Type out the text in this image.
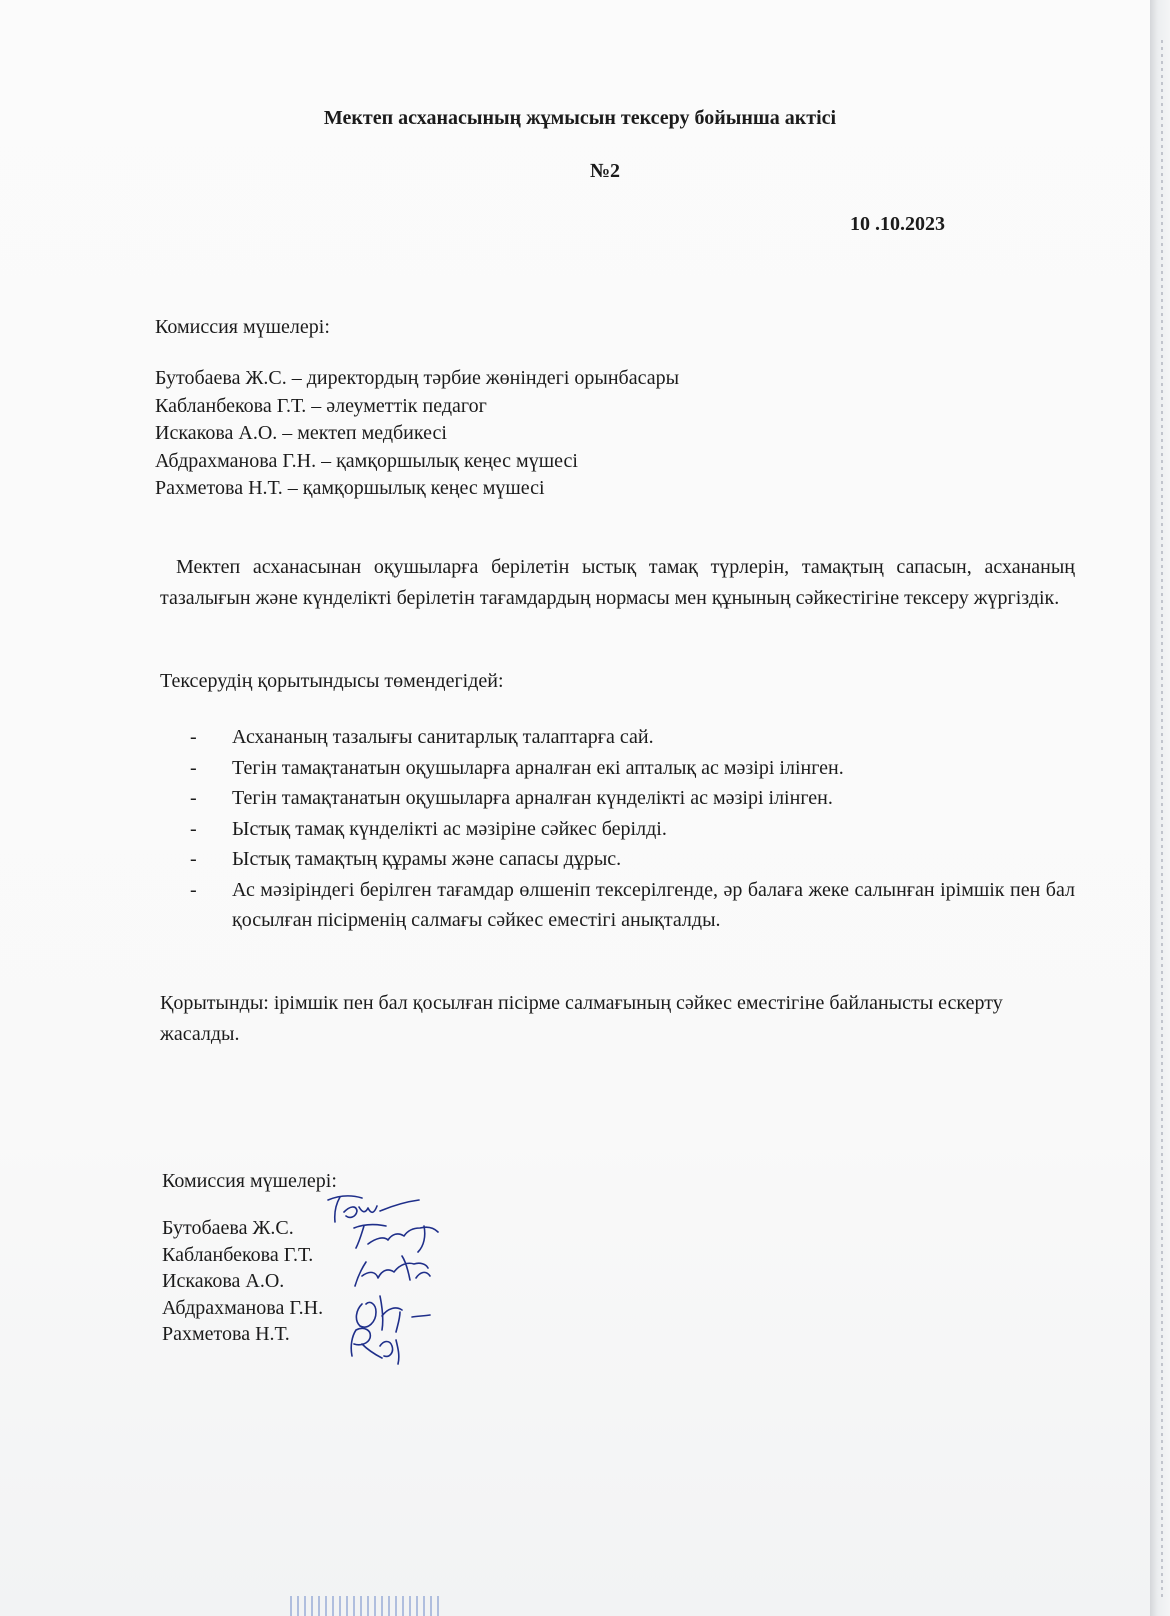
Мектеп асханасының жұмысын тексеру бойынша актісі
№2
10 .10.2023
Комиссия мүшелері:
Бутобаева Ж.С. – директордың тәрбие жөніндегі орынбасары
Кабланбекова Г.Т. – әлеуметтік педагог
Искакова А.О. – мектеп медбикесі
Абдрахманова Г.Н. – қамқоршылық кеңес мүшесі
Рахметова Н.Т. – қамқоршылық кеңес мүшесі

Мектеп асханасынан оқушыларға берілетін ыстық тамақ түрлерін, тамақтың сапасын, асхананың тазалығын және күнделікті берілетін тағамдардың нормасы мен құнының сәйкестігіне тексеру жүргіздік.

Тексерудің қорытындысы төмендегідей:
- Асхананың тазалығы санитарлық талаптарға сай.
- Тегін тамақтанатын оқушыларға арналған екі апталық ас мәзірі ілінген.
- Тегін тамақтанатын оқушыларға арналған күнделікті ас мәзірі ілінген.
- Ыстық тамақ күнделікті ас мәзіріне сәйкес берілді.
- Ыстық тамақтың құрамы және сапасы дұрыс.
- Ас мәзіріндегі берілген тағамдар өлшеніп тексерілгенде, әр балаға жеке салынған ірімшік пен бал қосылған пісірменің салмағы сәйкес еместігі анықталды.

Қорытынды: ірімшік пен бал қосылған пісірме салмағының сәйкес еместігіне байланысты ескерту жасалды.

Комиссия мүшелері:
Бутобаева Ж.С.
Кабланбекова Г.Т.
Искакова А.О.
Абдрахманова Г.Н.
Рахметова Н.Т.
